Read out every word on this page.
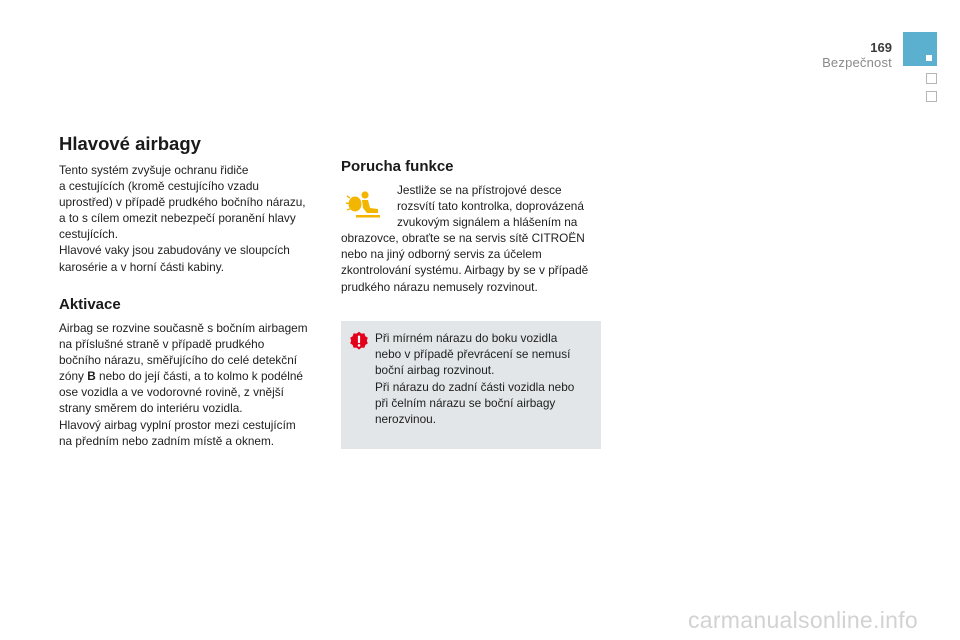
169
Bezpečnost
Hlavové airbagy

Tento systém zvyšuje ochranu řidiče
a cestujících (kromě cestujícího vzadu
uprostřed) v případě prudkého bočního nárazu,
a to s cílem omezit nebezpečí poranění hlavy
cestujících.
Hlavové vaky jsou zabudovány ve sloupcích
karosérie a v horní části kabiny.

Aktivace

Airbag se rozvine současně s bočním airbagem
na příslušné straně v případě prudkého
bočního nárazu, směřujícího do celé detekční
zóny B nebo do její části, a to kolmo k podélné
ose vozidla a ve vodorovné rovině, z vnější
strany směrem do interiéru vozidla.
Hlavový airbag vyplní prostor mezi cestujícím
na předním nebo zadním místě a oknem.

Porucha funkce

Jestliže se na přístrojové desce
rozsvítí tato kontrolka, doprovázená
zvukovým signálem a hlášením na
obrazovce, obraťte se na servis sítě CITROËN
nebo na jiný odborný servis za účelem
zkontrolování systému. Airbagy by se v případě
prudkého nárazu nemusely rozvinout.

Při mírném nárazu do boku vozidla
nebo v případě převrácení se nemusí
boční airbag rozvinout.
Při nárazu do zadní části vozidla nebo
při čelním nárazu se boční airbagy
nerozvinou.

carmanualsonline.info
